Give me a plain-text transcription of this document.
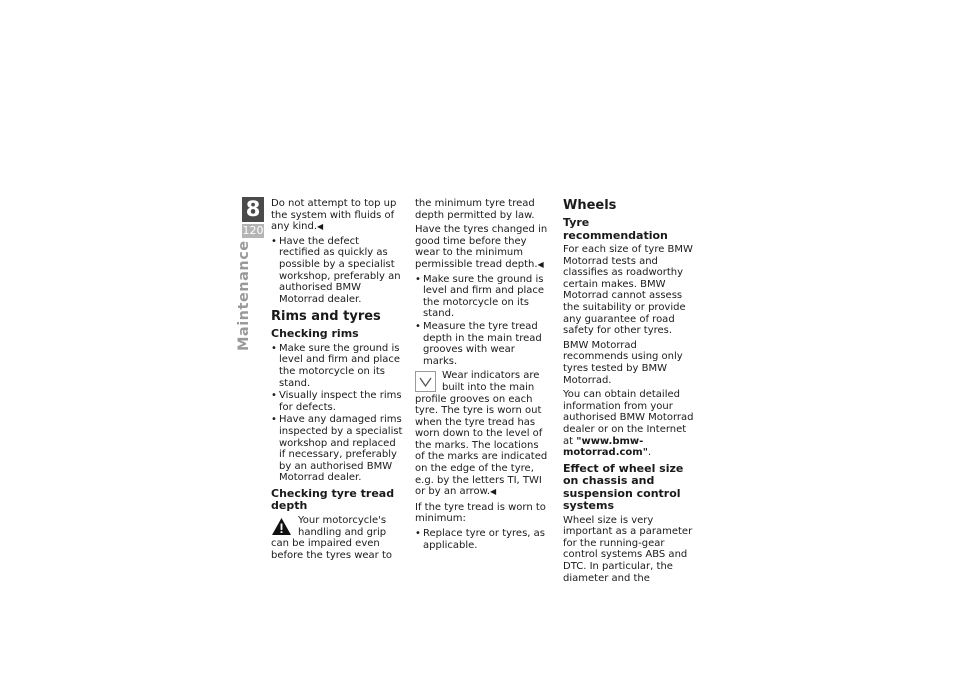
8
120
Maintenance

Do not attempt to top up the system with fluids of any kind.◀

• Have the defect rectified as quickly as possible by a specialist workshop, preferably an authorised BMW Motorrad dealer.
Rims and tyres
Checking rims
• Make sure the ground is level and firm and place the motorcycle on its stand.
• Visually inspect the rims for defects.
• Have any damaged rims inspected by a specialist workshop and replaced if necessary, preferably by an authorised BMW Motorrad dealer.
Checking tyre tread depth
Your motorcycle's handling and grip can be impaired even before the tyres wear to

the minimum tyre tread depth permitted by law.

Have the tyres changed in good time before they wear to the minimum permissible tread depth.◀

• Make sure the ground is level and firm and place the motorcycle on its stand.
• Measure the tyre tread depth in the main tread grooves with wear marks.
Wear indicators are built into the main profile grooves on each tyre. The tyre is worn out when the tyre tread has worn down to the level of the marks. The locations of the marks are indicated on the edge of the tyre, e.g. by the letters TI, TWI or by an arrow.◀

If the tyre tread is worn to minimum:

• Replace tyre or tyres, as applicable.
Wheels
Tyre recommendation

For each size of tyre BMW Motorrad tests and classifies as roadworthy certain makes. BMW Motorrad cannot assess the suitability or provide any guarantee of road safety for other tyres.

BMW Motorrad recommends using only tyres tested by BMW Motorrad.

You can obtain detailed information from your authorised BMW Motorrad dealer or on the Internet at "www.bmw-motorrad.com".

Effect of wheel size on chassis and suspension control systems

Wheel size is very important as a parameter for the running-gear control systems ABS and DTC. In particular, the diameter and the
